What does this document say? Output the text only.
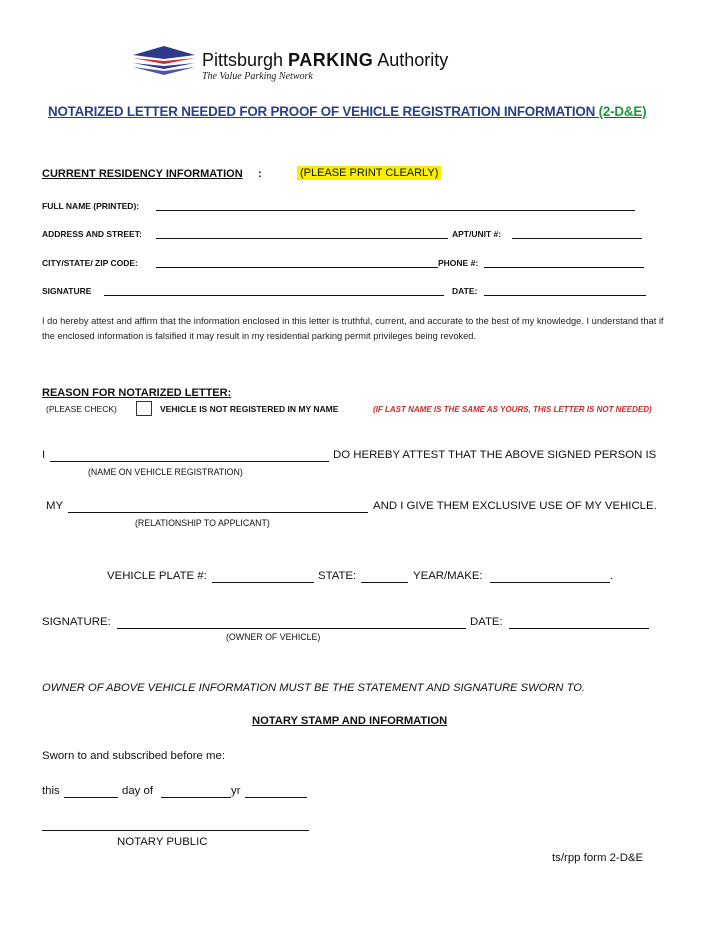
Pittsburgh PARKING Authority
The Value Parking Network
NOTARIZED LETTER NEEDED FOR PROOF OF VEHICLE REGISTRATION INFORMATION (2-D&E)
CURRENT RESIDENCY INFORMATION :	(PLEASE PRINT CLEARLY)
FULL NAME (PRINTED):
ADDRESS AND STREET:	APT/UNIT #:
CITY/STATE/ ZIP CODE:	PHONE #:
SIGNATURE	DATE:
I do hereby attest and affirm that the information enclosed in this letter is truthful, current, and accurate to the best of my knowledge. I understand that if the enclosed information is falsified it may result in my residential parking permit privileges being revoked.
REASON FOR NOTARIZED LETTER:
(PLEASE CHECK)	VEHICLE IS NOT REGISTERED IN MY NAME	(IF LAST NAME IS THE SAME AS YOURS, THIS LETTER IS NOT NEEDED)
I	DO HEREBY ATTEST THAT THE ABOVE SIGNED PERSON IS
(NAME ON VEHICLE REGISTRATION)
MY	AND I GIVE THEM EXCLUSIVE USE OF MY VEHICLE.
(RELATIONSHIP TO APPLICANT)
VEHICLE PLATE #:	STATE:	YEAR/MAKE:	.
SIGNATURE:	DATE:
(OWNER OF VEHICLE)
OWNER OF ABOVE VEHICLE INFORMATION MUST BE THE STATEMENT AND SIGNATURE SWORN TO.
NOTARY STAMP AND INFORMATION
Sworn to and subscribed before me:
this	day of	yr
NOTARY PUBLIC
ts/rpp form 2-D&E
